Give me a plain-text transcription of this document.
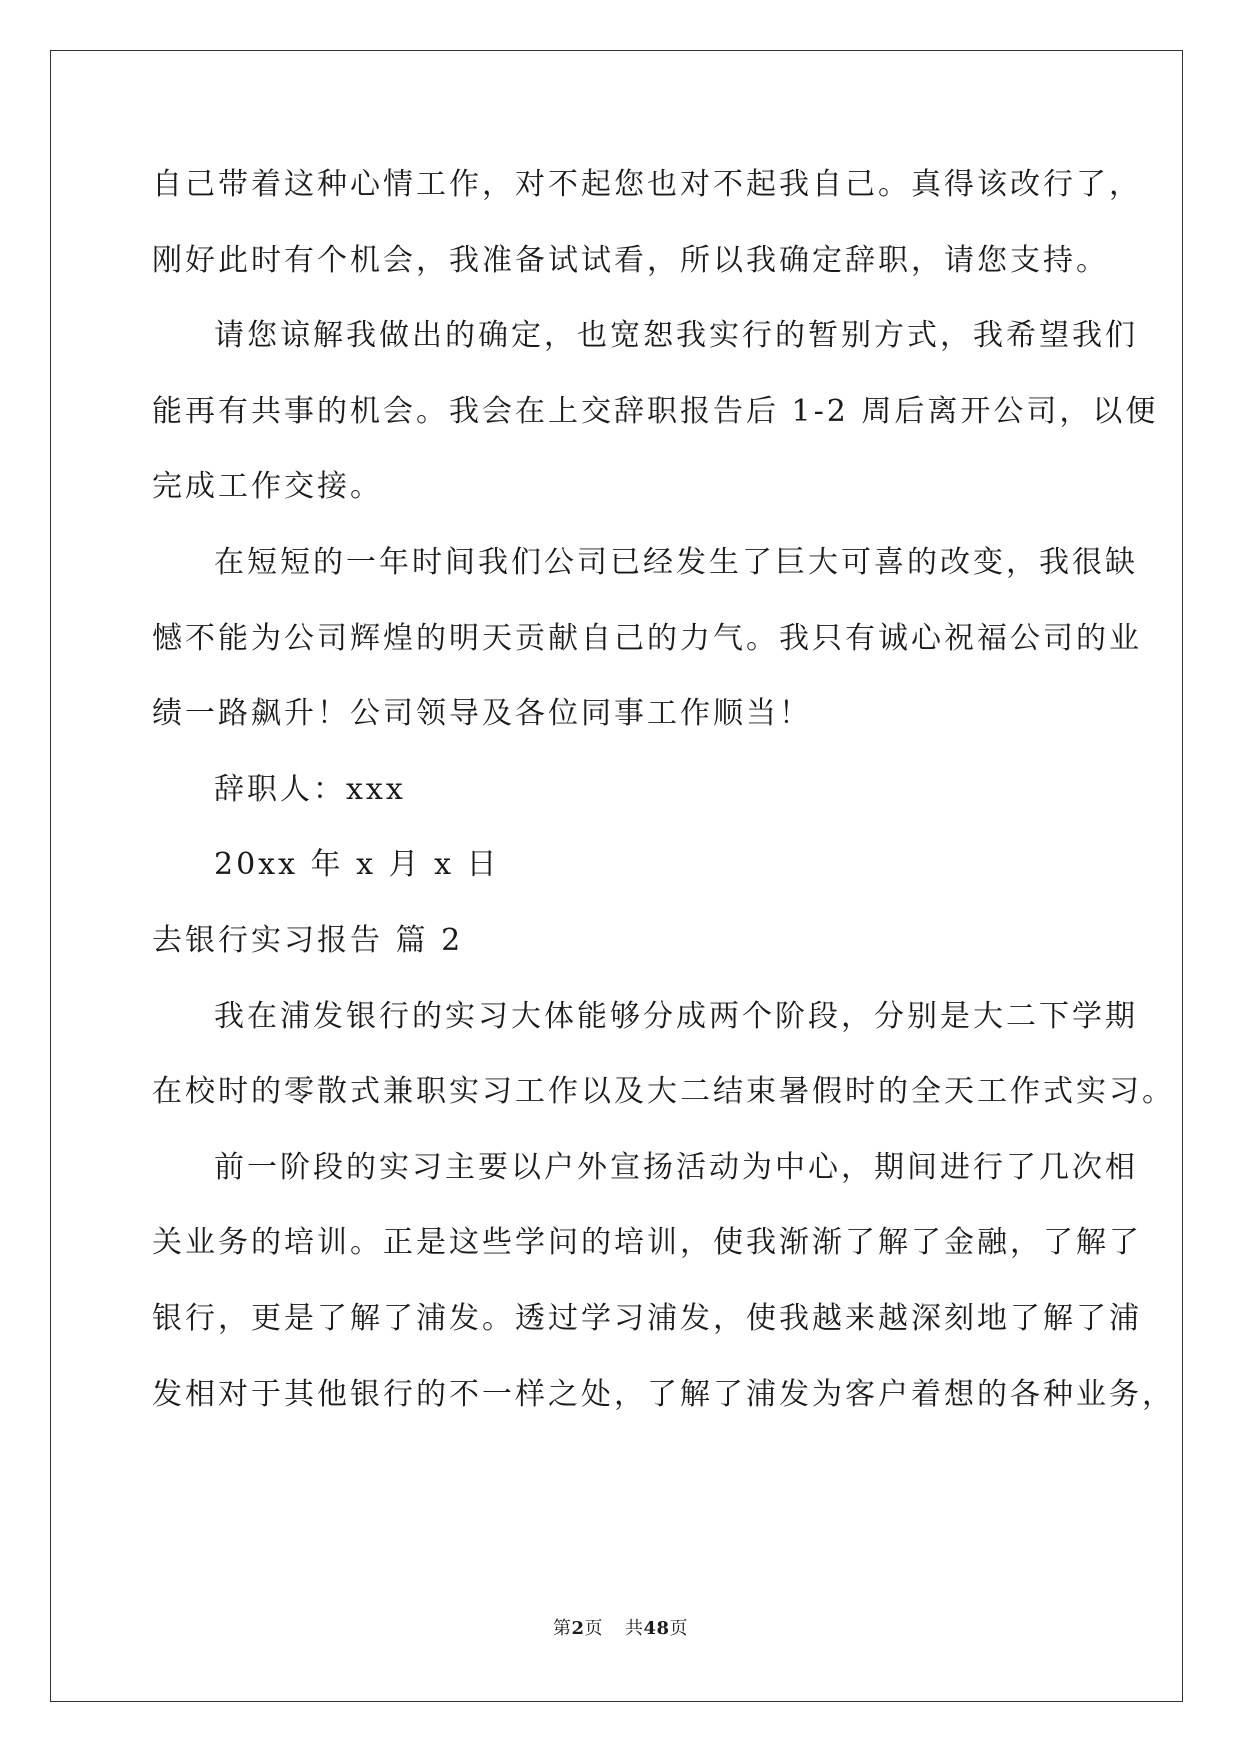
自己带着这种心情工作，对不起您也对不起我自己。真得该改行了，
刚好此时有个机会，我准备试试看，所以我确定辞职，请您支持。
请您谅解我做出的确定，也宽恕我实行的暂别方式，我希望我们
能再有共事的机会。我会在上交辞职报告后 1-2 周后离开公司，以便
完成工作交接。
在短短的一年时间我们公司已经发生了巨大可喜的改变，我很缺
憾不能为公司辉煌的明天贡献自己的力气。我只有诚心祝福公司的业
绩一路飙升！公司领导及各位同事工作顺当！
辞职人：xxx
20xx 年 x 月 x 日
去银行实习报告 篇 2
我在浦发银行的实习大体能够分成两个阶段，分别是大二下学期
在校时的零散式兼职实习工作以及大二结束暑假时的全天工作式实习。
前一阶段的实习主要以户外宣扬活动为中心，期间进行了几次相
关业务的培训。正是这些学问的培训，使我渐渐了解了金融，了解了
银行，更是了解了浦发。透过学习浦发，使我越来越深刻地了解了浦
发相对于其他银行的不一样之处，了解了浦发为客户着想的各种业务，
第2页 共48页
